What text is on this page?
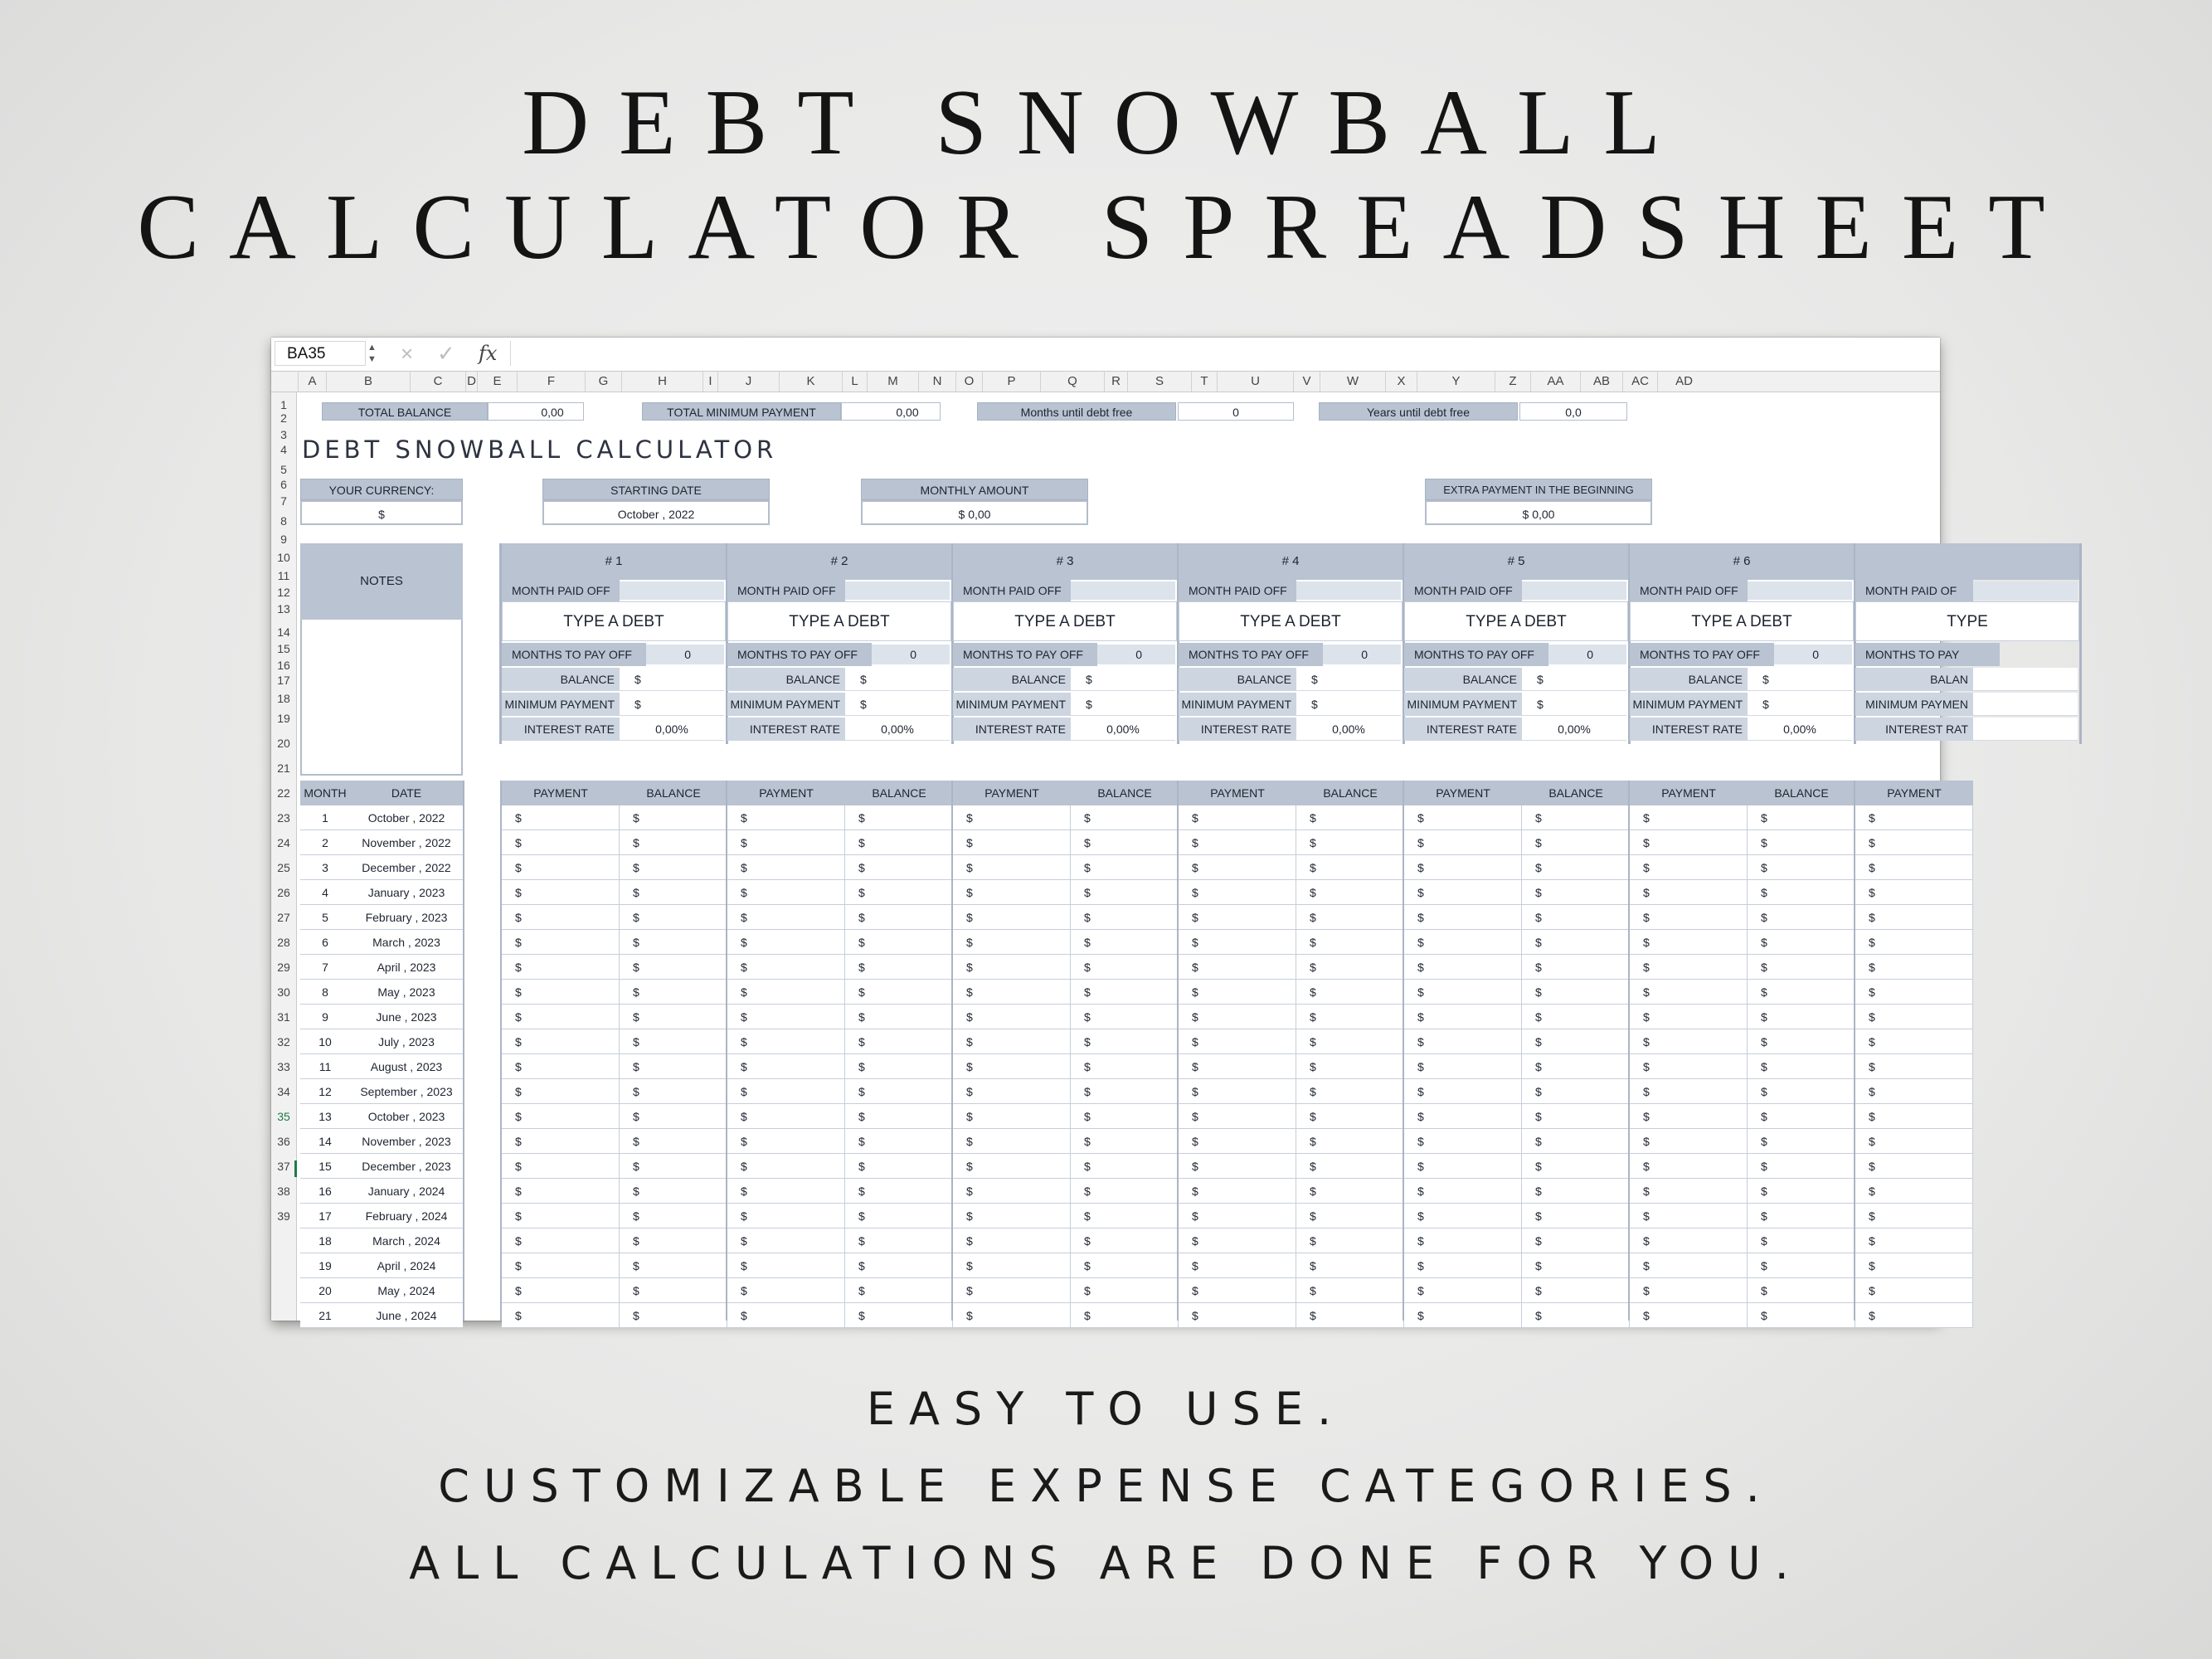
DEBT SNOWBALL
CALCULATOR SPREADSHEET
EASY TO USE.
CUSTOMIZABLE EXPENSE CATEGORIES.
ALL CALCULATIONS ARE DONE FOR YOU.
BA35	▲
▼ × ✓ fx
A	B	C	D	E	F	G	H	I	J	K	L	M	N	O	P	Q	R	S	T	U	V	W	X	Y	Z	AA	AB	AC	AD
1
2
3
4
5
6
7
8
9
10
11
12
13
14
15
16
17
18
19
20
21
22
23
24
25
26
27
28
29
30
31
32
33
34
35
36
37
38
39
TOTAL BALANCE	0,00	TOTAL MINIMUM PAYMENT	0,00	Months until debt free	0	Years until debt free	0,0
DEBT SNOWBALL CALCULATOR
YOUR CURRENCY:
$
STARTING DATE
October , 2022
MONTHLY AMOUNT
$ 0,00
EXTRA PAYMENT IN THE BEGINNING
$ 0,00
NOTES
# 1
MONTH PAID OFF
TYPE A DEBT
MONTHS TO PAY OFF	0
BALANCE	$
MINIMUM PAYMENT	$
INTEREST RATE	0,00%
# 2
MONTH PAID OFF
TYPE A DEBT
MONTHS TO PAY OFF	0
BALANCE	$
MINIMUM PAYMENT	$
INTEREST RATE	0,00%
# 3
MONTH PAID OFF
TYPE A DEBT
MONTHS TO PAY OFF	0
BALANCE	$
MINIMUM PAYMENT	$
INTEREST RATE	0,00%
# 4
MONTH PAID OFF
TYPE A DEBT
MONTHS TO PAY OFF	0
BALANCE	$
MINIMUM PAYMENT	$
INTEREST RATE	0,00%
# 5
MONTH PAID OFF
TYPE A DEBT
MONTHS TO PAY OFF	0
BALANCE	$
MINIMUM PAYMENT	$
INTEREST RATE	0,00%
# 6
MONTH PAID OFF
TYPE A DEBT
MONTHS TO PAY OFF	0
BALANCE	$
MINIMUM PAYMENT	$
INTEREST RATE	0,00%
MONTH PAID OF
TYPE
MONTHS TO PAY
BALAN
MINIMUM PAYMEN
INTEREST RAT
MONTH	DATE	PAYMENT	BALANCE	PAYMENT	BALANCE	PAYMENT	BALANCE	PAYMENT	BALANCE	PAYMENT	BALANCE	PAYMENT	BALANCE	PAYMENT
1	October , 2022	$	$	$	$	$	$	$	$	$	$	$	$	$
2	November , 2022	$	$	$	$	$	$	$	$	$	$	$	$	$
3	December , 2022	$	$	$	$	$	$	$	$	$	$	$	$	$
4	January , 2023	$	$	$	$	$	$	$	$	$	$	$	$	$
5	February , 2023	$	$	$	$	$	$	$	$	$	$	$	$	$
6	March , 2023	$	$	$	$	$	$	$	$	$	$	$	$	$
7	April , 2023	$	$	$	$	$	$	$	$	$	$	$	$	$
8	May , 2023	$	$	$	$	$	$	$	$	$	$	$	$	$
9	June , 2023	$	$	$	$	$	$	$	$	$	$	$	$	$
10	July , 2023	$	$	$	$	$	$	$	$	$	$	$	$	$
11	August , 2023	$	$	$	$	$	$	$	$	$	$	$	$	$
12	September , 2023	$	$	$	$	$	$	$	$	$	$	$	$	$
13	October , 2023	$	$	$	$	$	$	$	$	$	$	$	$	$
14	November , 2023	$	$	$	$	$	$	$	$	$	$	$	$	$
15	December , 2023	$	$	$	$	$	$	$	$	$	$	$	$	$
16	January , 2024	$	$	$	$	$	$	$	$	$	$	$	$	$
17	February , 2024	$	$	$	$	$	$	$	$	$	$	$	$	$
18	March , 2024	$	$	$	$	$	$	$	$	$	$	$	$	$
19	April , 2024	$	$	$	$	$	$	$	$	$	$	$	$	$
20	May , 2024	$	$	$	$	$	$	$	$	$	$	$	$	$
21	June , 2024	$	$	$	$	$	$	$	$	$	$	$	$	$
